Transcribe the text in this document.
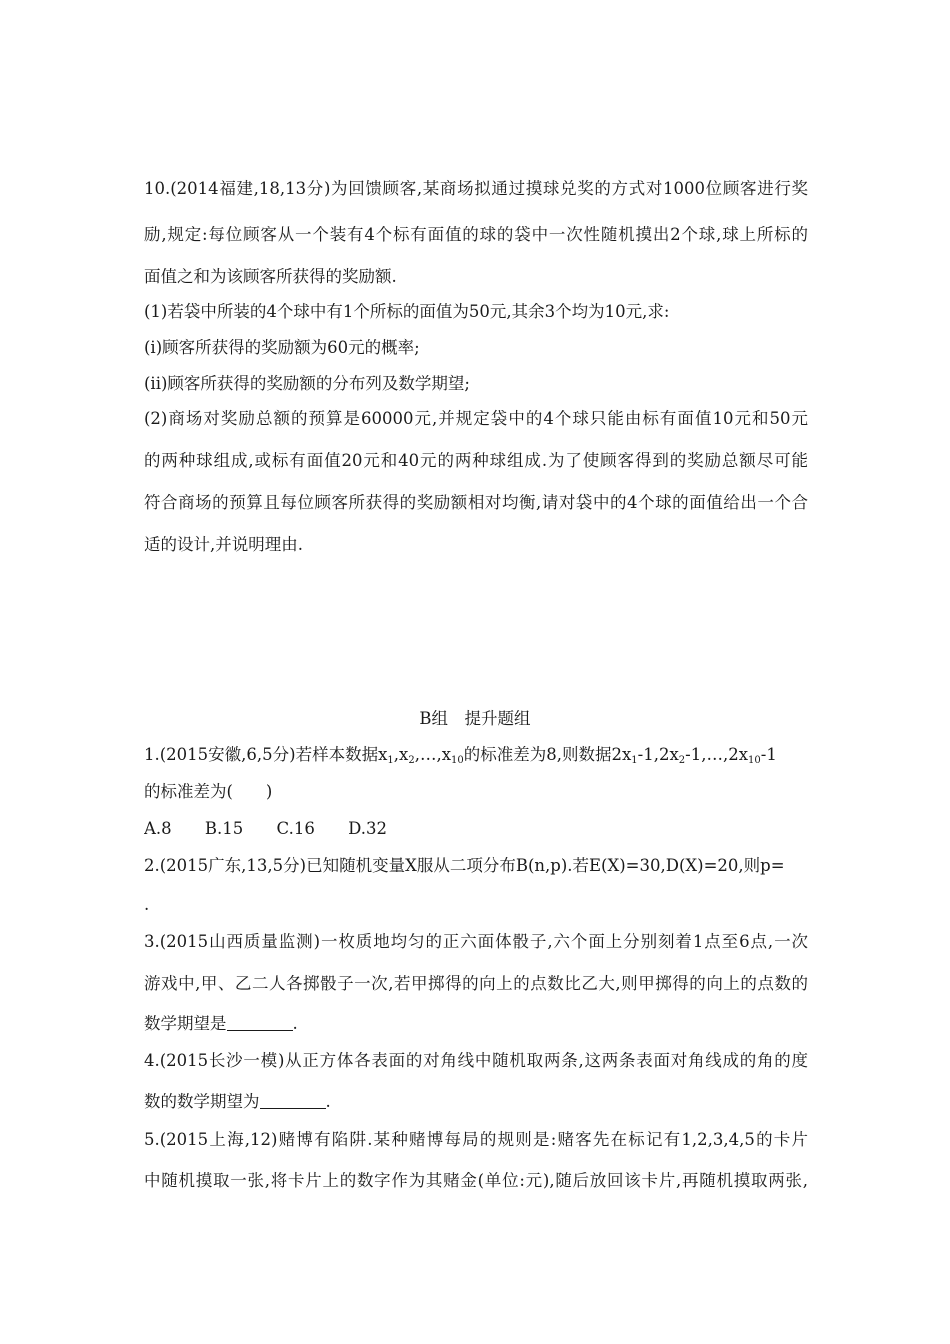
10.(2014福建,18,13分)为回馈顾客,某商场拟通过摸球兑奖的方式对1000位顾客进行奖
励,规定:每位顾客从一个装有4个标有面值的球的袋中一次性随机摸出2个球,球上所标的
面值之和为该顾客所获得的奖励额.
(1)若袋中所装的4个球中有1个所标的面值为50元,其余3个均为10元,求:
(i)顾客所获得的奖励额为60元的概率;
(ii)顾客所获得的奖励额的分布列及数学期望;
(2)商场对奖励总额的预算是60000元,并规定袋中的4个球只能由标有面值10元和50元
的两种球组成,或标有面值20元和40元的两种球组成.为了使顾客得到的奖励总额尽可能
符合商场的预算且每位顾客所获得的奖励额相对均衡,请对袋中的4个球的面值给出一个合
适的设计,并说明理由.
B组　提升题组
1.(2015安徽,6,5分)若样本数据$x_1,x_2,\dots,x_{10}$的标准差为8,则数据$2x_1-1,2x_2-1,\dots,2x_{10}-1$
的标准差为(　　)
A.8 B.15 C.16 D.32
2.(2015广东,13,5分)已知随机变量X服从二项分布B(n,p).若E(X)=30,D(X)=20,则p=
.
3.(2015山西质量监测)一枚质地均匀的正六面体骰子,六个面上分别刻着1点至6点,一次
游戏中,甲、乙二人各掷骰子一次,若甲掷得的向上的点数比乙大,则甲掷得的向上的点数的
数学期望是	.
4.(2015长沙一模)从正方体各表面的对角线中随机取两条,这两条表面对角线成的角的度
数的数学期望为	.
5.(2015上海,12)赌博有陷阱.某种赌博每局的规则是:赌客先在标记有1,2,3,4,5的卡片
中随机摸取一张,将卡片上的数字作为其赌金(单位:元),随后放回该卡片,再随机摸取两张,
